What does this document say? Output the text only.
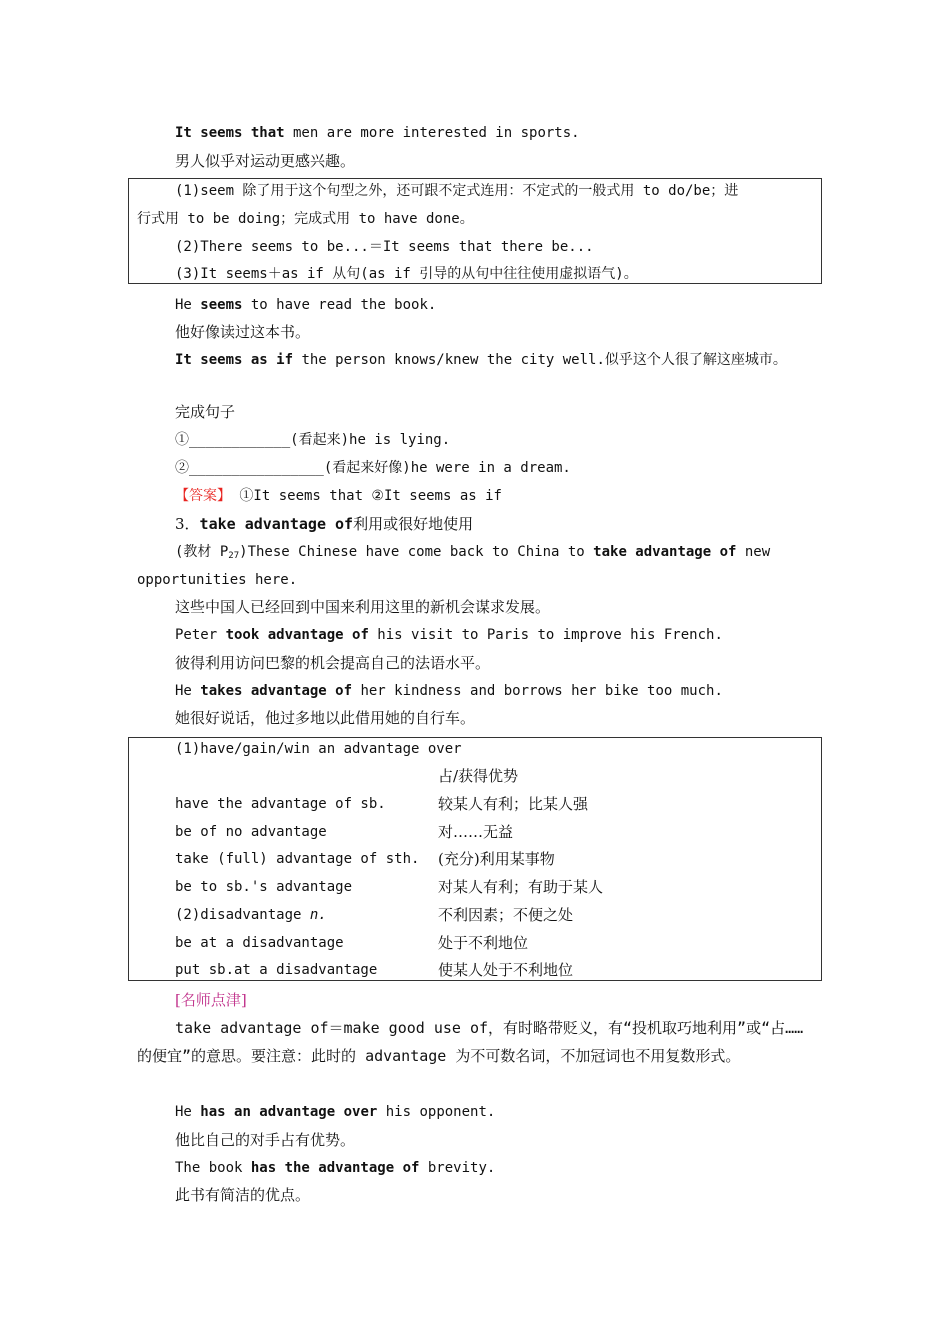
It seems that men are more interested in sports.
男人似乎对运动更感兴趣。
(1)seem 除了用于这个句型之外，还可跟不定式连用：不定式的一般式用 to do/be；进
行式用 to be doing；完成式用 to have done。
(2)There seems to be...＝It seems that there be...
(3)It seems＋as if 从句(as if 引导的从句中往往使用虚拟语气)。
He seems to have read the book.
他好像读过这本书。
It seems as if the person knows/knew the city well.似乎这个人很了解这座城市。
完成句子
①____________(看起来)he is lying.
②________________(看起来好像)he were in a dream.
【答案】 ①It seems that ②It seems as if
3．take advantage of利用或很好地使用
(教材 $P_{27})These$ Chinese have come back to China to take advantage of new
opportunities here.
这些中国人已经回到中国来利用这里的新机会谋求发展。
Peter took advantage of his visit to Paris to improve his French.
彼得利用访问巴黎的机会提高自己的法语水平。
He takes advantage of her kindness and borrows her bike too much.
她很好说话，他过多地以此借用她的自行车。
(1)have/gain/win an advantage over
占/获得优势
have the advantage of sb.	较某人有利；比某人强
be of no advantage	对……无益
take (full) advantage of sth. (充分)利用某事物
be to sb.'s advantage	对某人有利；有助于某人
(2)disadvantage n.	不利因素；不便之处
be at a disadvantage	处于不利地位
put sb.at a disadvantage	使某人处于不利地位
[名师点津]
take advantage of＝make good use of，有时略带贬义，有“投机取巧地利用”或“占……的便宜”的意思。要注意：此时的 advantage 为不可数名词，不加冠词也不用复数形式。
He has an advantage over his opponent.
他比自己的对手占有优势。
The book has the advantage of brevity.
此书有简洁的优点。
